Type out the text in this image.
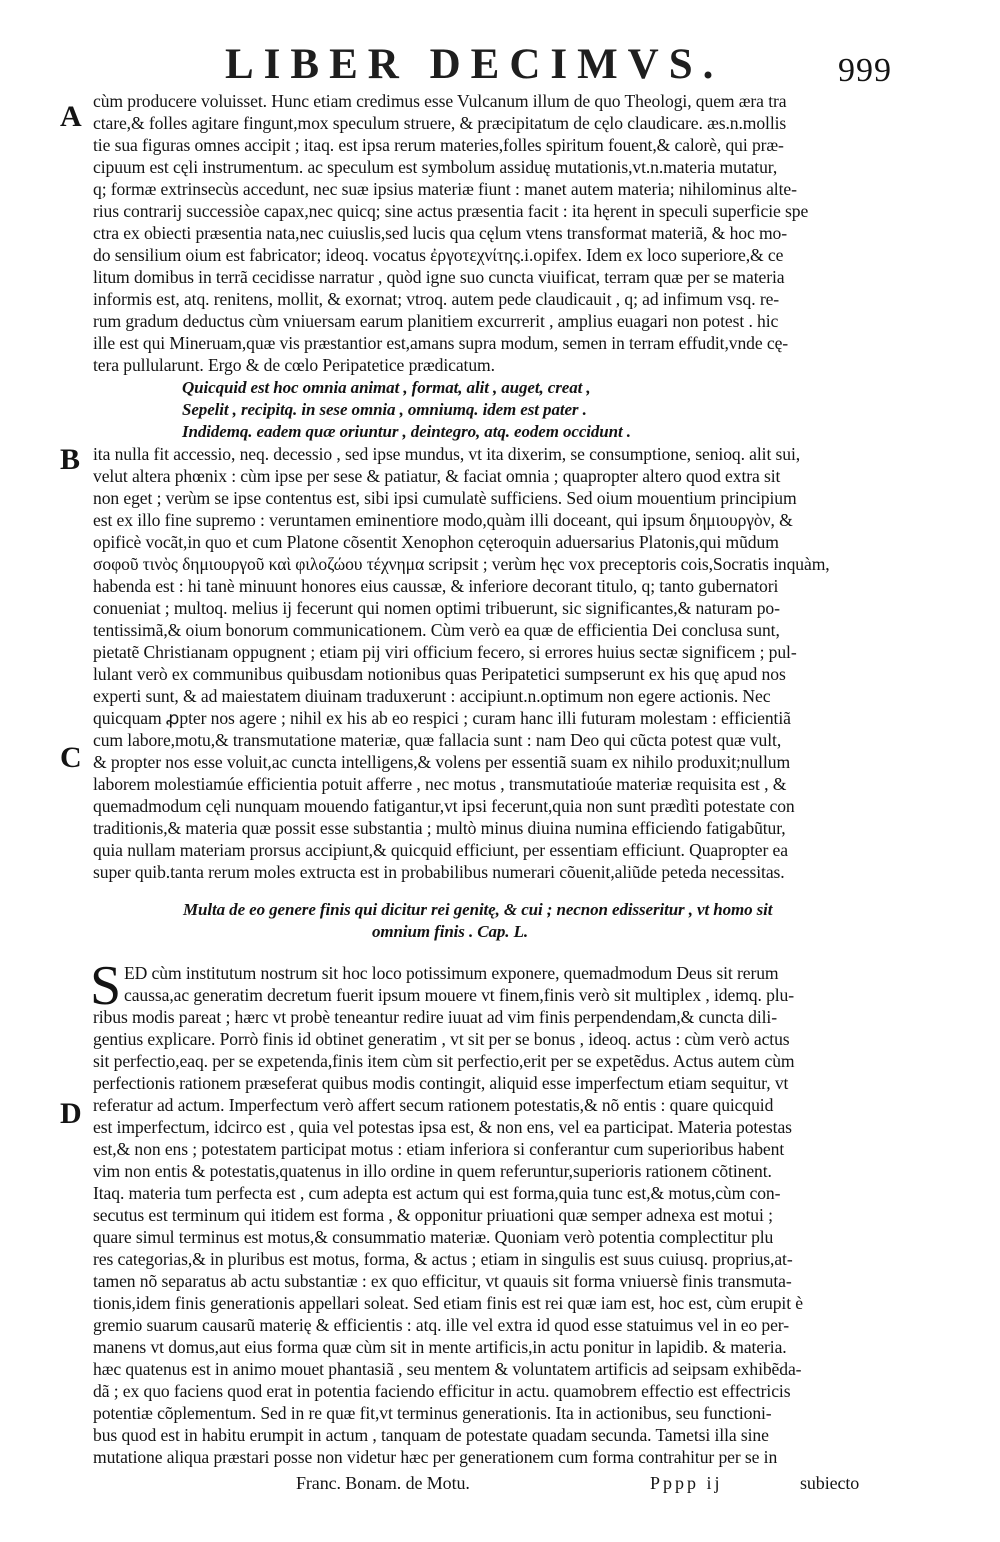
LIBER DECIMVS.	999
A
B
C
D
cùm producere voluisset. Hunc etiam credimus esse Vulcanum illum de quo Theologi, quem æra tra
ctare,& folles agitare fingunt,mox speculum struere, & præcipitatum de cęlo claudicare. æs.n.mollis
tie sua figuras omnes accipit ; itaq. est ipsa rerum materies,folles spiritum fouent,& calorè, qui præ-
cipuum est cęli instrumentum. ac speculum est symbolum assiduę mutationis,vt.n.materia mutatur,
q; formæ extrinsecùs accedunt, nec suæ ipsius materiæ fiunt : manet autem materia; nihilominus alte-
rius contrarij successiòe capax,nec quicq; sine actus præsentia facit : ita hęrent in speculi superficie spe
ctra ex obiecti præsentia nata,nec cuiuslis,sed lucis qua cęlum vtens transformat materiã, & hoc mo-
do sensilium oium est fabricator; ideoq. vocatus ἐργοτεχνίτης.i.opifex. Idem ex loco superiore,& ce
litum domibus in terrã cecidisse narratur , quòd igne suo cuncta viuificat, terram quæ per se materia
informis est, atq. renitens, mollit, & exornat; vtroq. autem pede claudicauit , q; ad infimum vsq. re-
rum gradum deductus cùm vniuersam earum planitiem excurrerit , amplius euagari non potest . hic
ille est qui Mineruam,quæ vis præstantior est,amans supra modum, semen in terram effudit,vnde cę-
tera pullularunt. Ergo & de cœlo Peripatetice prædicatum.
Quicquid est hoc omnia animat , format, alit , auget, creat ,
Sepelit , recipitq. in sese omnia , omniumq. idem est pater .
Indidemq. eadem quæ oriuntur , deintegro, atq. eodem occidunt .
ita nulla fit accessio, neq. decessio , sed ipse mundus, vt ita dixerim, se consumptione, senioq. alit sui,
velut altera phœnix : cùm ipse per sese & patiatur, & faciat omnia ; quapropter altero quod extra sit
non eget ; verùm se ipse contentus est, sibi ipsi cumulatè sufficiens. Sed oium mouentium principium
est ex illo fine supremo : veruntamen eminentiore modo,quàm illi doceant, qui ipsum δημιουργὸν, &
opificè vocãt,in quo et cum Platone cõsentit Xenophon cęteroquin aduersarius Platonis,qui mũdum
σοφοῦ τινὸς δημιουργοῦ καὶ φιλοζώου τέχνημα scripsit ; verùm hęc vox preceptoris cois,Socratis inquàm,
habenda est : hi tanè minuunt honores eius caussæ, & inferiore decorant titulo, q; tanto gubernatori
conueniat ; multoq. melius ij fecerunt qui nomen optimi tribuerunt, sic significantes,& naturam po-
tentissimã,& oium bonorum communicationem. Cùm verò ea quæ de efficientia Dei conclusa sunt,
pietatẽ Christianam oppugnent ; etiam pij viri officium fecero, si errores huius sectæ significem ; pul-
lulant verò ex communibus quibusdam notionibus quas Peripatetici sumpserunt ex his quę apud nos
experti sunt, & ad maiestatem diuinam traduxerunt : accipiunt.n.optimum non egere actionis. Nec
quicquam ꝓpter nos agere ; nihil ex his ab eo respici ; curam hanc illi futuram molestam : efficientiã
cum labore,motu,& transmutatione materiæ, quæ fallacia sunt : nam Deo qui cũcta potest quæ vult,
& propter nos esse voluit,ac cuncta intelligens,& volens per essentiã suam ex nihilo produxit;nullum
laborem molestiamúe efficientia potuit afferre , nec motus , transmutatioúe materiæ requisita est , &
quemadmodum cęli nunquam mouendo fatigantur,vt ipsi fecerunt,quia non sunt prædìti potestate con
traditionis,& materia quæ possit esse substantia ; multò minus diuina numina efficiendo fatigabũtur,
quia nullam materiam prorsus accipiunt,& quicquid efficiunt, per essentiam efficiunt. Quapropter ea
super quib.tanta rerum moles extructa est in probabilibus numerari cõuenit,aliũde peteda necessitas.
Multa de eo genere finis qui dicitur rei genitę, & cui ; necnon edisseritur , vt homo sit
omnium finis . Cap. L.
S ED cùm institutum nostrum sit hoc loco potissimum exponere, quemadmodum Deus sit rerum
caussa,ac generatim decretum fuerit ipsum mouere vt finem,finis verò sit multiplex , idemq. plu-
ribus modis pareat ; hærc vt probè teneantur redire iuuat ad vim finis perpendendam,& cuncta dili-
gentius explicare. Porrò finis id obtinet generatim , vt sit per se bonus , ideoq. actus : cùm verò actus
sit perfectio,eaq. per se expetenda,finis item cùm sit perfectio,erit per se expetẽdus. Actus autem cùm
perfectionis rationem præseferat quibus modis contingit, aliquid esse imperfectum etiam sequitur, vt
referatur ad actum. Imperfectum verò affert secum rationem potestatis,& nõ entis : quare quicquid
est imperfectum, idcirco est , quia vel potestas ipsa est, & non ens, vel ea participat. Materia potestas
est,& non ens ; potestatem participat motus : etiam inferiora si conferantur cum superioribus habent
vim non entis & potestatis,quatenus in illo ordine in quem referuntur,superioris rationem cõtinent.
Itaq. materia tum perfecta est , cum adepta est actum qui est forma,quia tunc est,& motus,cùm con-
secutus est terminum qui itidem est forma , & opponitur priuationi quæ semper adnexa est motui ;
quare simul terminus est motus,& consummatio materiæ. Quoniam verò potentia complectitur plu
res categorias,& in pluribus est motus, forma, & actus ; etiam in singulis est suus cuiusq. proprius,at-
tamen nõ separatus ab actu substantiæ : ex quo efficitur, vt quauis sit forma vniuersè finis transmuta-
tionis,idem finis generationis appellari soleat. Sed etiam finis est rei quæ iam est, hoc est, cùm erupit è
gremio suarum causarũ materię & efficientis : atq. ille vel extra id quod esse statuimus vel in eo per-
manens vt domus,aut eius forma quæ cùm sit in mente artificis,in actu ponitur in lapidib. & materia.
hæc quatenus est in animo mouet phantasiã , seu mentem & voluntatem artificis ad seipsam exhibẽda-
dã ; ex quo faciens quod erat in potentia faciendo efficitur in actu. quamobrem effectio est effectricis
potentiæ cõplementum. Sed in re quæ fit,vt terminus generationis. Ita in actionibus, seu functioni-
bus quod est in habitu erumpit in actum , tanquam de potestate quadam secunda. Tametsi illa sine
mutatione aliqua præstari posse non videtur hæc per generationem cum forma contrahitur per se in
Franc. Bonam. de Motu.	Pppp ij	subiecto
